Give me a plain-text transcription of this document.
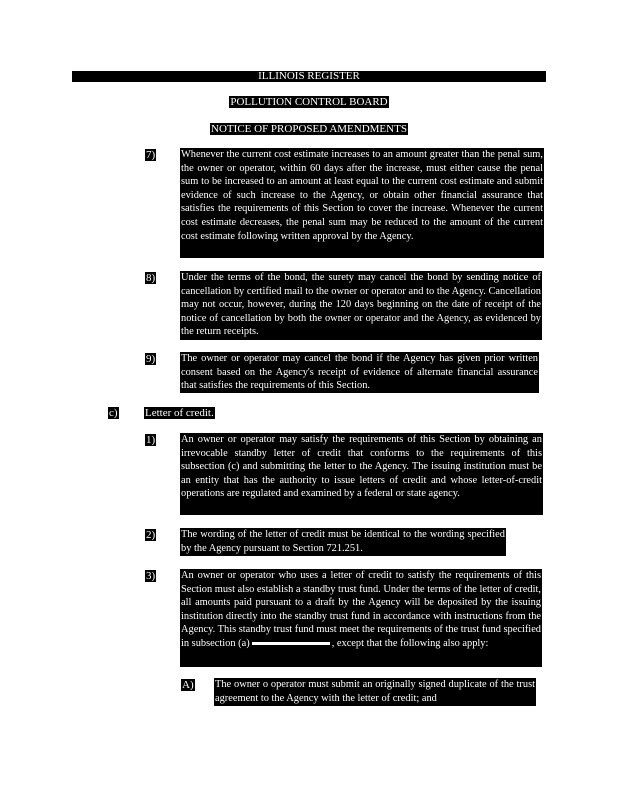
ILLINOIS REGISTER
POLLUTION CONTROL BOARD
NOTICE OF PROPOSED AMENDMENTS
7) Whenever the current cost estimate increases to an amount greater than the penal sum, the owner or operator, within 60 days after the increase, must either cause the penal sum to be increased to an amount at least equal to the current cost estimate and submit evidence of such increase to the Agency, or obtain other financial assurance that satisfies the requirements of this Section to cover the increase. Whenever the current cost estimate decreases, the penal sum may be reduced to the amount of the current cost estimate following written approval by the Agency.
8) Under the terms of the bond, the surety may cancel the bond by sending notice of cancellation by certified mail to the owner or operator and to the Agency. Cancellation may not occur, however, during the 120 days beginning on the date of receipt of the notice of cancellation by both the owner or operator and the Agency, as evidenced by the return receipts.
9) The owner or operator may cancel the bond if the Agency has given prior written consent based on the Agency's receipt of evidence of alternate financial assurance that satisfies the requirements of this Section.
c) Letter of credit.
1) An owner or operator may satisfy the requirements of this Section by obtaining an irrevocable standby letter of credit that conforms to the requirements of this subsection (c) and submitting the letter to the Agency. The issuing institution must be an entity that has the authority to issue letters of credit and whose letter-of-credit operations are regulated and examined by a federal or state agency.
2) The wording of the letter of credit must be identical to the wording specified by the Agency pursuant to Section 721.251.
3) An owner or operator who uses a letter of credit to satisfy the requirements of this Section must also establish a standby trust fund. Under the terms of the letter of credit, all amounts paid pursuant to a draft by the Agency will be deposited by the issuing institution directly into the standby trust fund in accordance with instructions from the Agency. This standby trust fund must meet the requirements of the trust fund specified in subsection (a)	, except that the following also apply:
A) The owner o operator must submit an originally signed duplicate of the trust agreement to the Agency with the letter of credit; and
